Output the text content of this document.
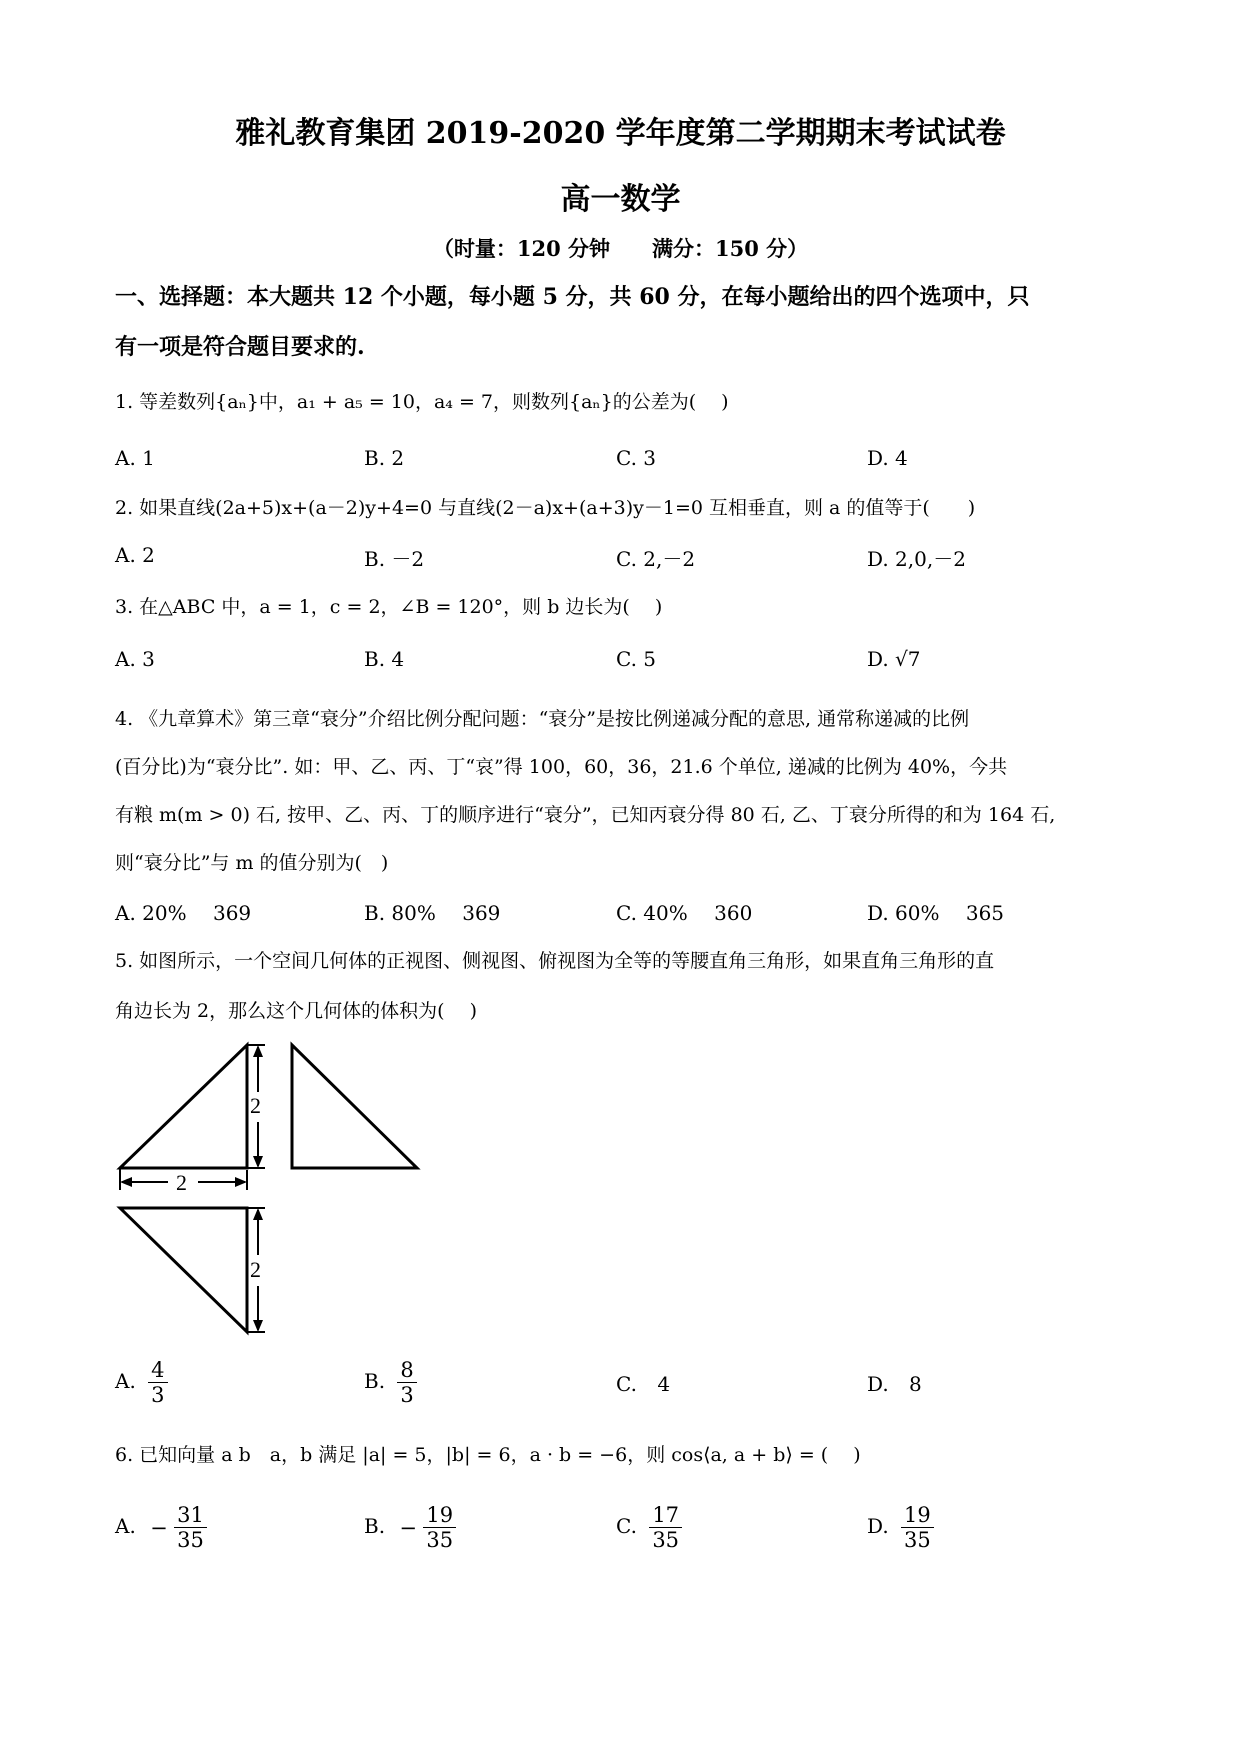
雅礼教育集团 2019-2020 学年度第二学期期末考试试卷
高一数学
（时量：120 分钟　　满分：150 分）
一、选择题：本大题共 12 个小题，每小题 5 分，共 60 分，在每小题给出的四个选项中，只
有一项是符合题目要求的.
1. 等差数列{aₙ}中，a₁ + a₅ = 10，a₄ = 7，则数列{aₙ}的公差为(　 )
A. 1	B. 2	C. 3	D. 4
2. 如果直线(2a+5)x+(a－2)y+4=0 与直线(2－a)x+(a+3)y－1=0 互相垂直，则 a 的值等于(　　)
A. 2	B. －2	C. 2,－2	D. 2,0,－2
3. 在△ABC 中，a = 1，c = 2，∠B = 120°，则 b 边长为(　 )
A. 3	B. 4	C. 5	D. √7
4. 《九章算术》第三章“衰分”介绍比例分配问题：“衰分”是按比例递减分配的意思, 通常称递减的比例
(百分比)为“衰分比”. 如：甲、乙、丙、丁“哀”得 100，60，36，21.6 个单位, 递减的比例为 40%，今共
有粮 m(m > 0) 石, 按甲、乙、丙、丁的顺序进行“衰分”，已知丙衰分得 80 石, 乙、丁衰分所得的和为 164 石,
则“衰分比”与 m 的值分别为(　)
A. 20%　 369	B. 80%　 369	C. 40%　 360	D. 60%　 365
5. 如图所示，一个空间几何体的正视图、侧视图、俯视图为全等的等腰直角三角形，如果直角三角形的直
角边长为 2，那么这个几何体的体积为(　 )
2
2
2
A. $\frac{4}{3}$	B. $\frac{8}{3}$	C. 4	D. 8
6. 已知向量 a b　a，b 满足 |a| = 5，|b| = 6，a · b = −6，则 cos⟨a, a + b⟩ = (　 )
A. − $\frac{31}{35}$	B. − $\frac{19}{35}$	C. $\frac{17}{35}$	D. $\frac{19}{35}$
